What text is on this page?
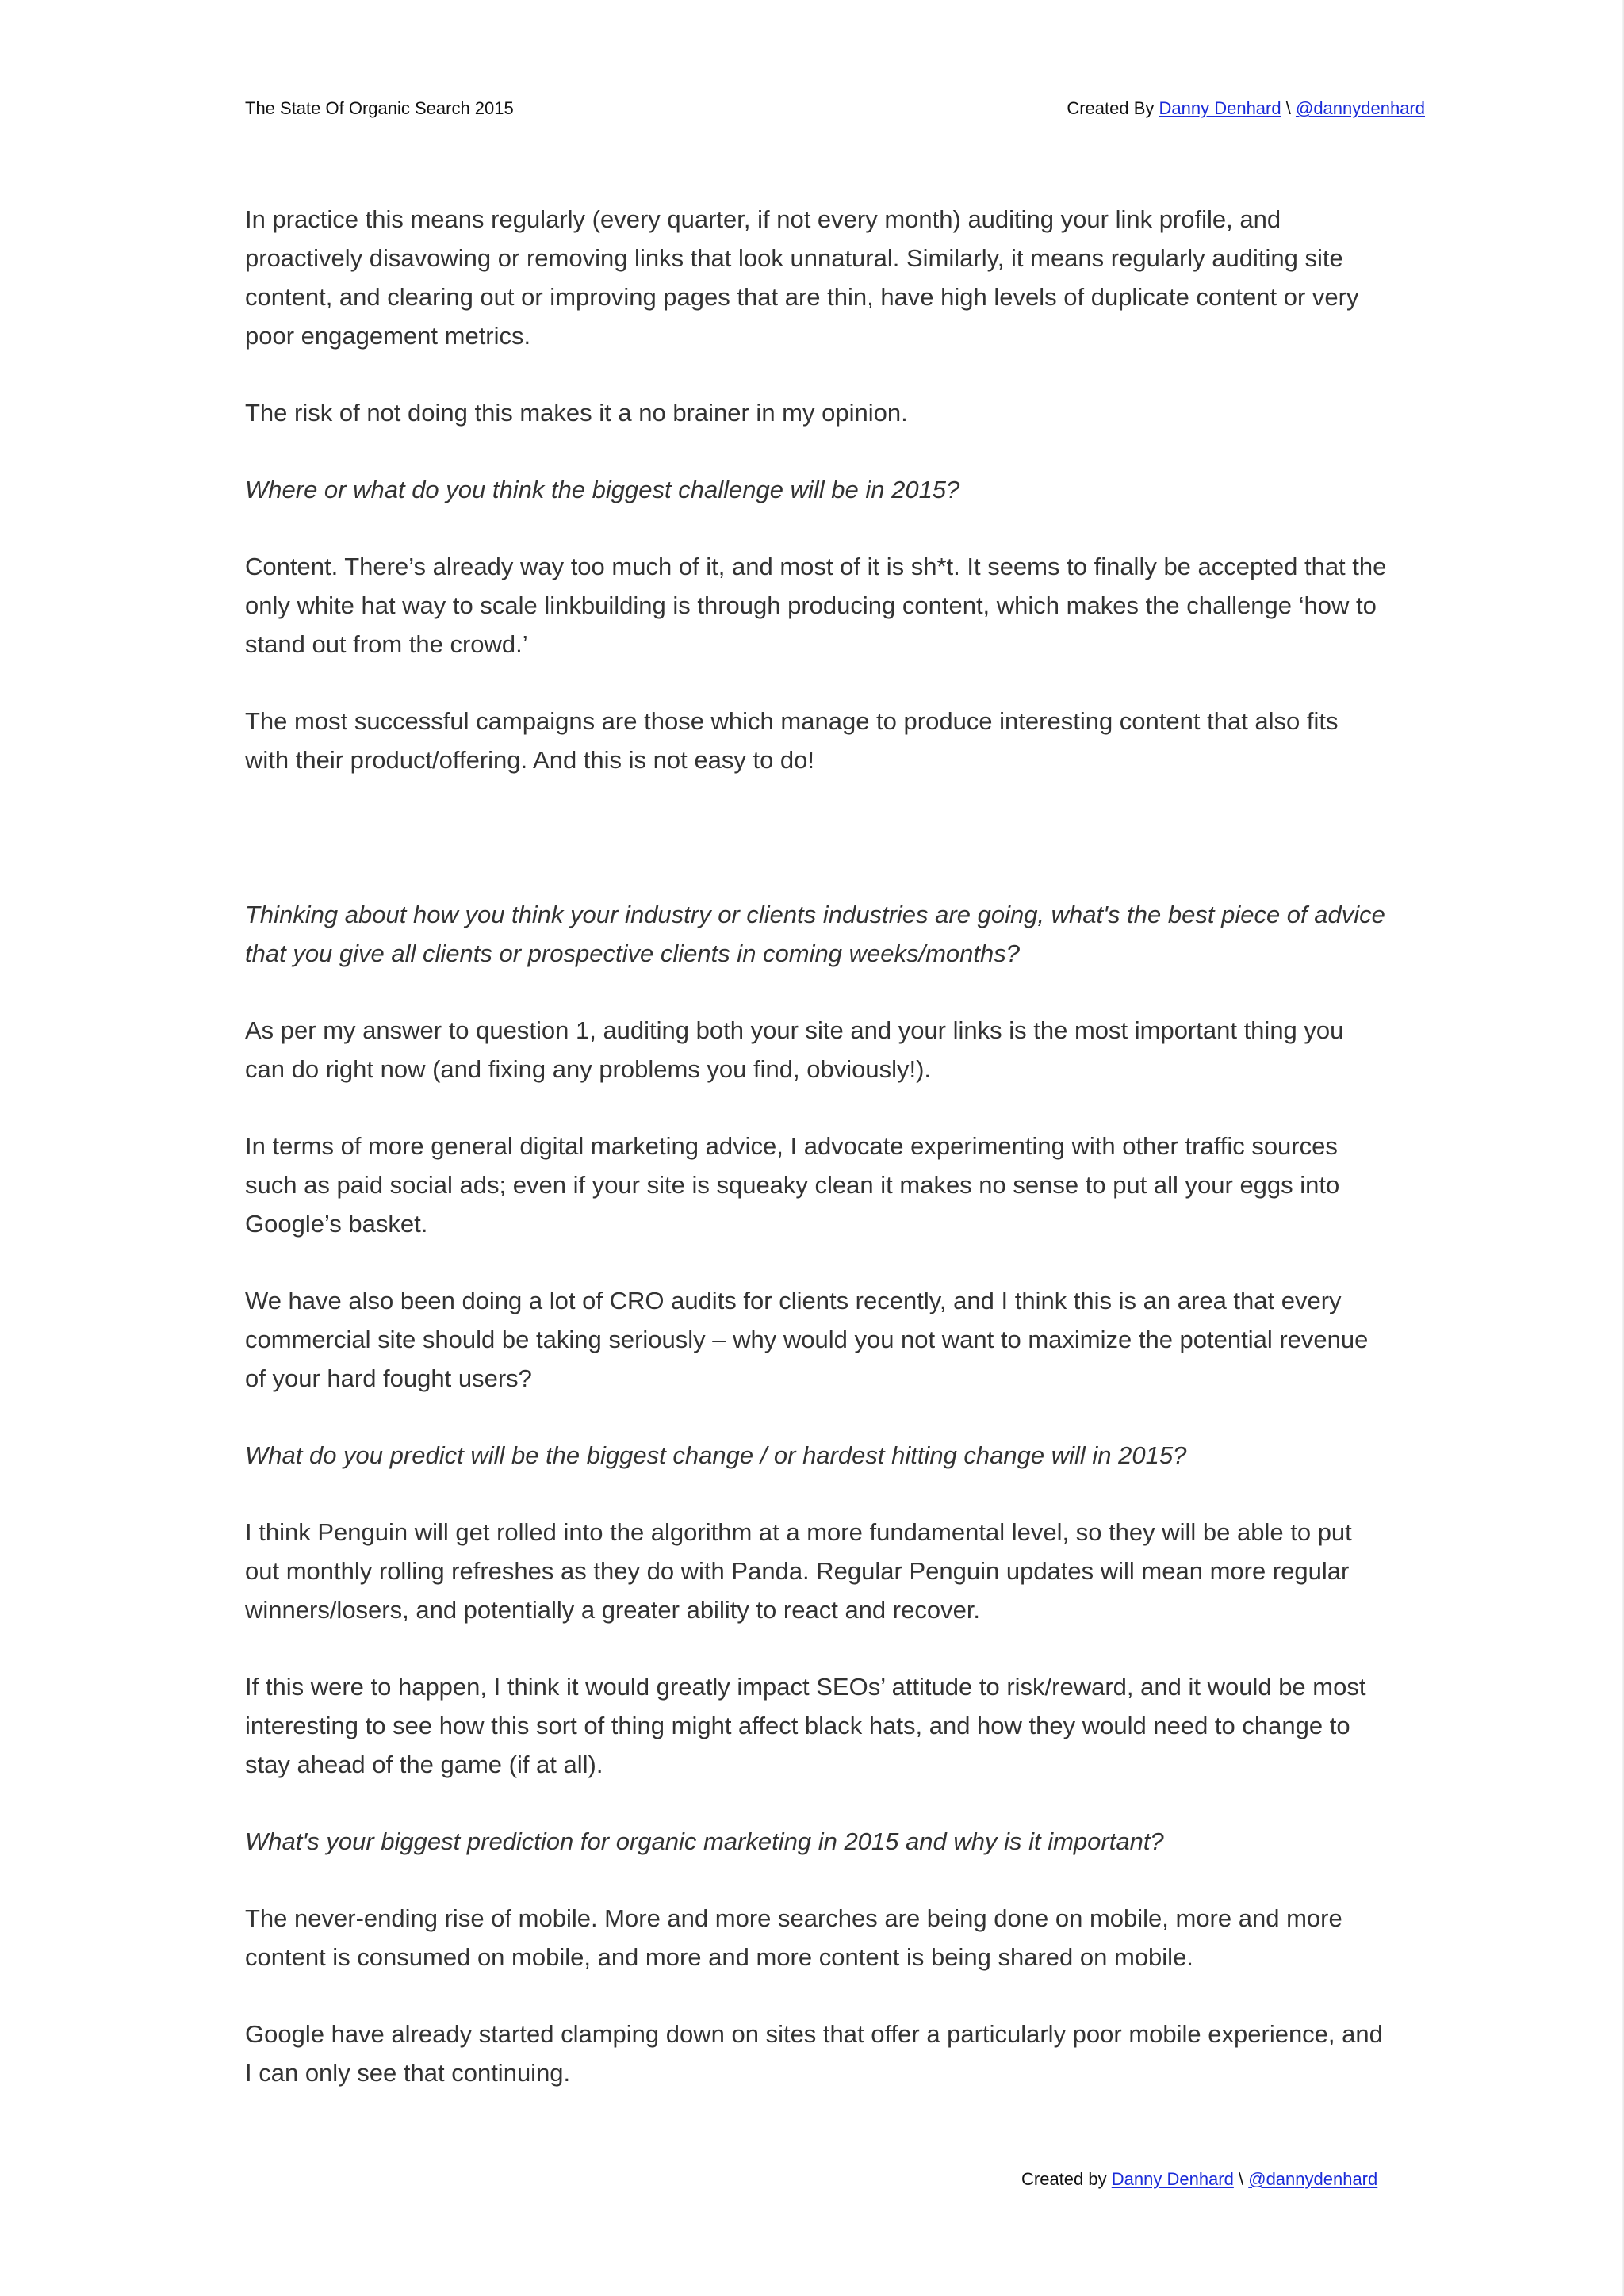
The State Of Organic Search 2015	Created By Danny Denhard \ @dannydenhard

In practice this means regularly (every quarter, if not every month) auditing your link profile, and proactively disavowing or removing links that look unnatural. Similarly, it means regularly auditing site content, and clearing out or improving pages that are thin, have high levels of duplicate content or very poor engagement metrics.

The risk of not doing this makes it a no brainer in my opinion.

Where or what do you think the biggest challenge will be in 2015?

Content. There’s already way too much of it, and most of it is sh*t. It seems to finally be accepted that the only white hat way to scale linkbuilding is through producing content, which makes the challenge ‘how to stand out from the crowd.’

The most successful campaigns are those which manage to produce interesting content that also fits with their product/offering. And this is not easy to do!

Thinking about how you think your industry or clients industries are going, what's the best piece of advice that you give all clients or prospective clients in coming weeks/months?

As per my answer to question 1, auditing both your site and your links is the most important thing you can do right now (and fixing any problems you find, obviously!).

In terms of more general digital marketing advice, I advocate experimenting with other traffic sources such as paid social ads; even if your site is squeaky clean it makes no sense to put all your eggs into Google’s basket.

We have also been doing a lot of CRO audits for clients recently, and I think this is an area that every commercial site should be taking seriously – why would you not want to maximize the potential revenue of your hard fought users?

What do you predict will be the biggest change / or hardest hitting change will in 2015?

I think Penguin will get rolled into the algorithm at a more fundamental level, so they will be able to put out monthly rolling refreshes as they do with Panda. Regular Penguin updates will mean more regular winners/losers, and potentially a greater ability to react and recover.

If this were to happen, I think it would greatly impact SEOs’ attitude to risk/reward, and it would be most interesting to see how this sort of thing might affect black hats, and how they would need to change to stay ahead of the game (if at all).

What's your biggest prediction for organic marketing in 2015 and why is it important?

The never-ending rise of mobile. More and more searches are being done on mobile, more and more content is consumed on mobile, and more and more content is being shared on mobile.

Google have already started clamping down on sites that offer a particularly poor mobile experience, and I can only see that continuing.

Created by Danny Denhard \ @dannydenhard
